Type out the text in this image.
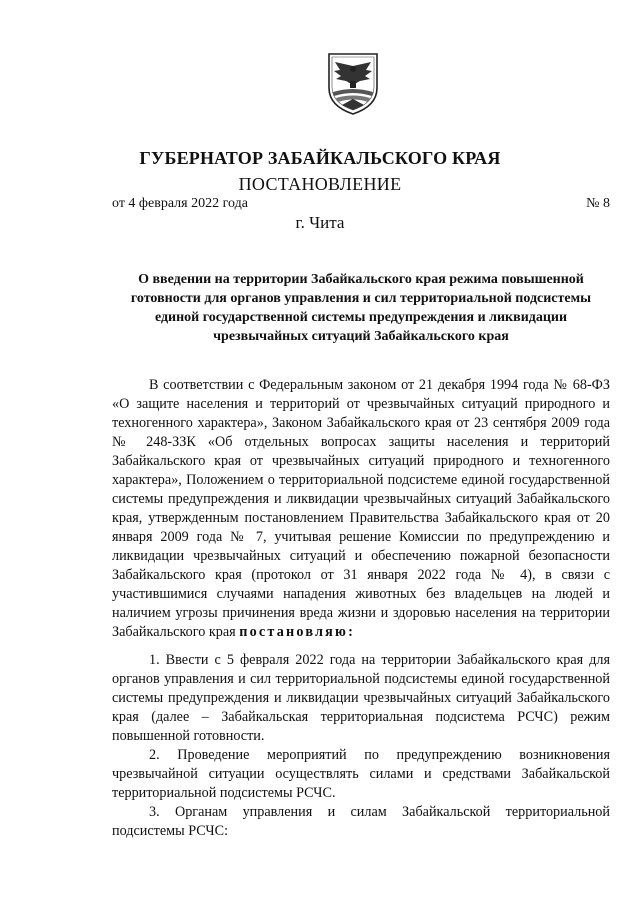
ГУБЕРНАТОР ЗАБАЙКАЛЬСКОГО КРАЯ
ПОСТАНОВЛЕНИЕ
от 4 февраля 2022 года	№ 8
г. Чита
О введении на территории Забайкальского края режима повышенной готовности для органов управления и сил территориальной подсистемы единой государственной системы предупреждения и ликвидации чрезвычайных ситуаций Забайкальского края

В соответствии с Федеральным законом от 21 декабря 1994 года № 68-ФЗ «О защите населения и территорий от чрезвычайных ситуаций природного и техногенного характера», Законом Забайкальского края от 23 сентября 2009 года № 248-ЗЗК «Об отдельных вопросах защиты населения и территорий Забайкальского края от чрезвычайных ситуаций природного и техногенного характера», Положением о территориальной подсистеме единой государственной системы предупреждения и ликвидации чрезвычайных ситуаций Забайкальского края, утвержденным постановлением Правительства Забайкальского края от 20 января 2009 года № 7, учитывая решение Комиссии по предупреждению и ликвидации чрезвычайных ситуаций и обеспечению пожарной безопасности Забайкальского края (протокол от 31 января 2022 года № 4), в связи с участившимися случаями нападения животных без владельцев на людей и наличием угрозы причинения вреда жизни и здоровью населения на территории Забайкальского края постановляю:

1. Ввести с 5 февраля 2022 года на территории Забайкальского края для органов управления и сил территориальной подсистемы единой государственной системы предупреждения и ликвидации чрезвычайных ситуаций Забайкальского края (далее – Забайкальская территориальная подсистема РСЧС) режим повышенной готовности.

2. Проведение мероприятий по предупреждению возникновения чрезвычайной ситуации осуществлять силами и средствами Забайкальской территориальной подсистемы РСЧС.

3. Органам управления и силам Забайкальской территориальной подсистемы РСЧС:
